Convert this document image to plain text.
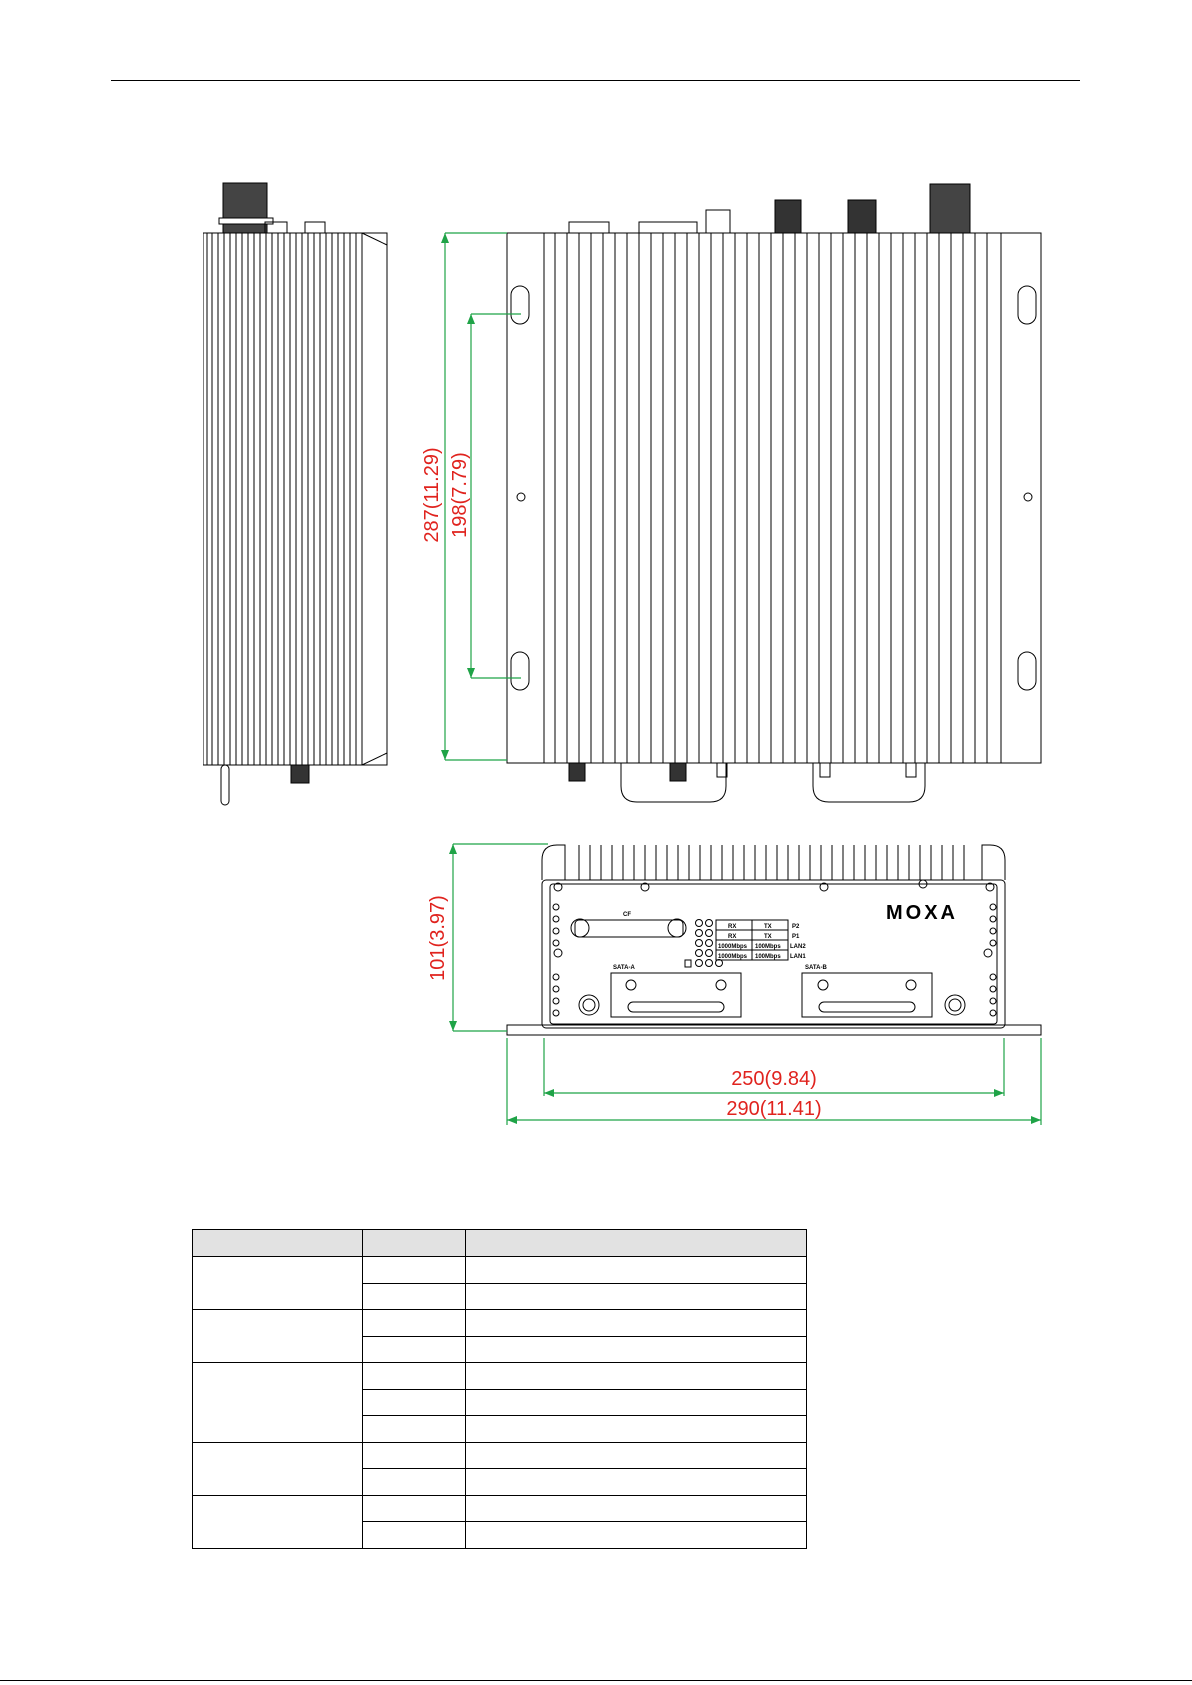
CF
SATA-A	SATA-B
MOXA
RX	TX	P2
RX	TX	P1
1000Mbps 100Mbps LAN2
1000Mbps 100Mbps LAN1
287(11.29) 198(7.79)
101(3.97)
250(9.84)
290(11.41)
